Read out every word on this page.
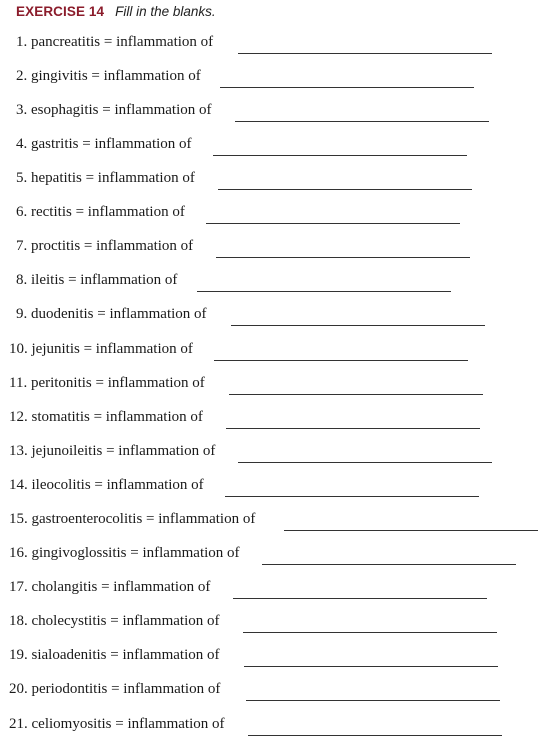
EXERCISE 14 Fill in the blanks.
1. pancreatitis = inflammation of
2. gingivitis = inflammation of
3. esophagitis = inflammation of
4. gastritis = inflammation of
5. hepatitis = inflammation of
6. rectitis = inflammation of
7. proctitis = inflammation of
8. ileitis = inflammation of
9. duodenitis = inflammation of
10. jejunitis = inflammation of
11. peritonitis = inflammation of
12. stomatitis = inflammation of
13. jejunoileitis = inflammation of
14. ileocolitis = inflammation of
15. gastroenterocolitis = inflammation of
16. gingivoglossitis = inflammation of
17. cholangitis = inflammation of
18. cholecystitis = inflammation of
19. sialoadenitis = inflammation of
20. periodontitis = inflammation of
21. celiomyositis = inflammation of
